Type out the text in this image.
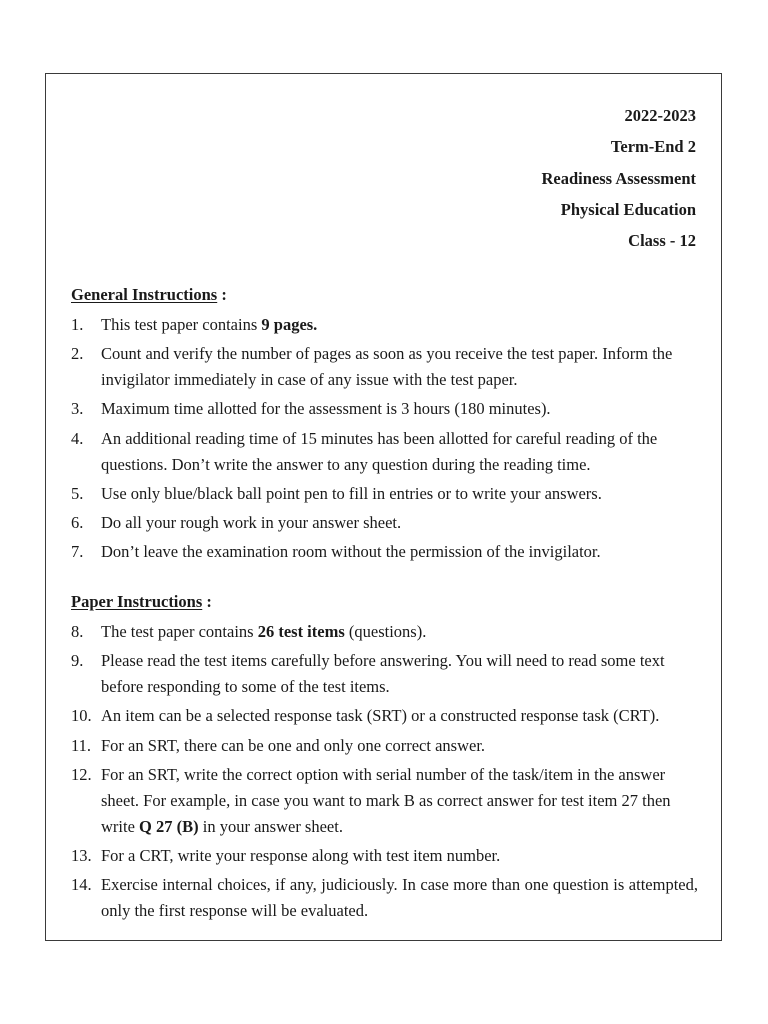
2022-2023
Term-End 2
Readiness Assessment
Physical Education
Class - 12
General Instructions :
1. This test paper contains 9 pages.
2. Count and verify the number of pages as soon as you receive the test paper. Inform the invigilator immediately in case of any issue with the test paper.
3. Maximum time allotted for the assessment is 3 hours (180 minutes).
4. An additional reading time of 15 minutes has been allotted for careful reading of the questions. Don’t write the answer to any question during the reading time.
5. Use only blue/black ball point pen to fill in entries or to write your answers.
6. Do all your rough work in your answer sheet.
7. Don’t leave the examination room without the permission of the invigilator.
Paper Instructions :
8. The test paper contains 26 test items (questions).
9. Please read the test items carefully before answering. You will need to read some text before responding to some of the test items.
10. An item can be a selected response task (SRT) or a constructed response task (CRT).
11. For an SRT, there can be one and only one correct answer.
12. For an SRT, write the correct option with serial number of the task/item in the answer sheet. For example, in case you want to mark B as correct answer for test item 27 then write Q 27 (B) in your answer sheet.
13. For a CRT, write your response along with test item number.
14. Exercise internal choices, if any, judiciously. In case more than one question is attempted, only the first response will be evaluated.
